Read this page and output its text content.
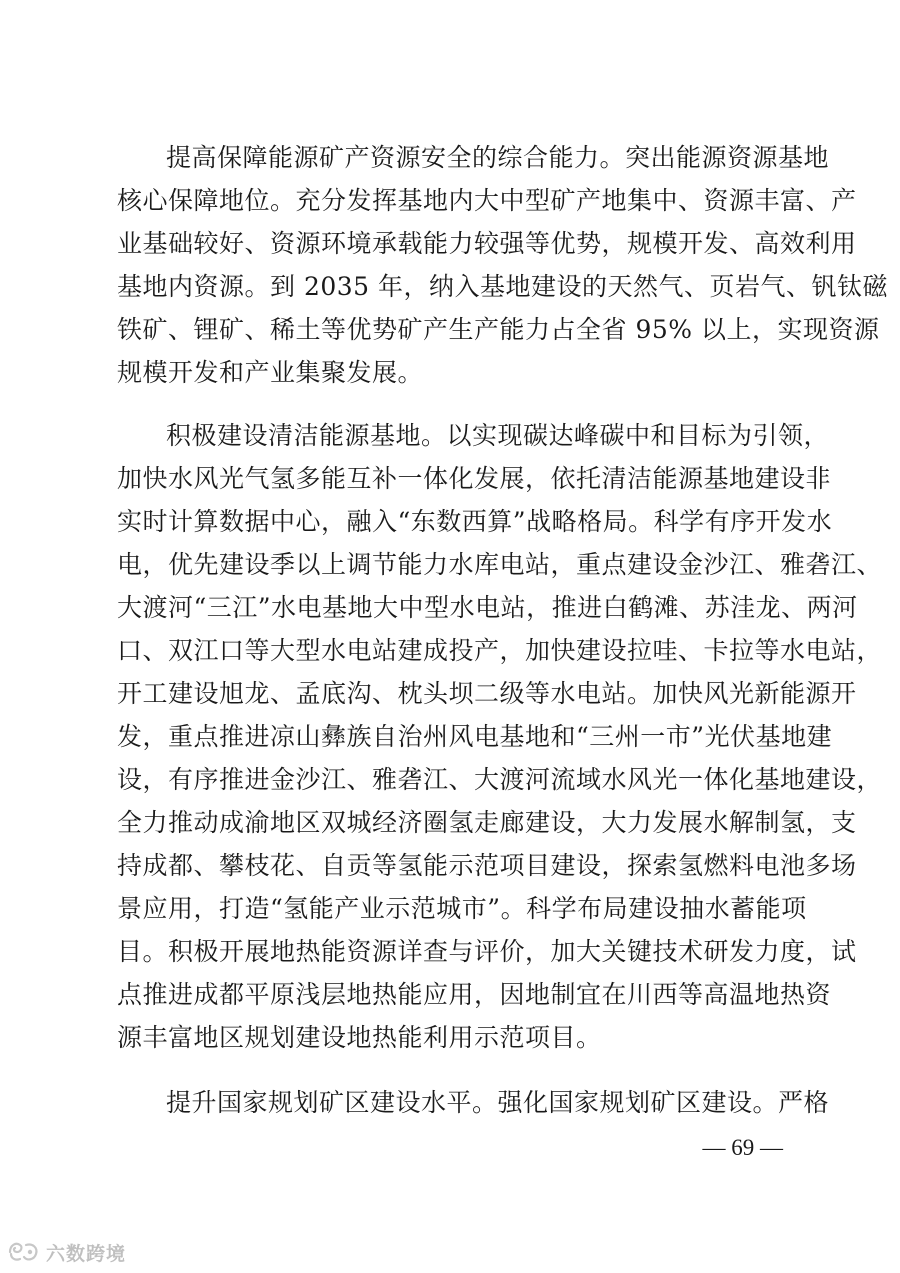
提高保障能源矿产资源安全的综合能力。突出能源资源基地
核心保障地位。充分发挥基地内大中型矿产地集中、资源丰富、产
业基础较好、资源环境承载能力较强等优势，规模开发、高效利用
基地内资源。到 2035 年，纳入基地建设的天然气、页岩气、钒钛磁
铁矿、锂矿、稀土等优势矿产生产能力占全省 95% 以上，实现资源
规模开发和产业集聚发展。
积极建设清洁能源基地。以实现碳达峰碳中和目标为引领，
加快水风光气氢多能互补一体化发展，依托清洁能源基地建设非
实时计算数据中心，融入“东数西算”战略格局。科学有序开发水
电，优先建设季以上调节能力水库电站，重点建设金沙江、雅砻江、
大渡河“三江”水电基地大中型水电站，推进白鹤滩、苏洼龙、两河
口、双江口等大型水电站建成投产，加快建设拉哇、卡拉等水电站，
开工建设旭龙、孟底沟、枕头坝二级等水电站。加快风光新能源开
发，重点推进凉山彝族自治州风电基地和“三州一市”光伏基地建
设，有序推进金沙江、雅砻江、大渡河流域水风光一体化基地建设，
全力推动成渝地区双城经济圈氢走廊建设，大力发展水解制氢，支
持成都、攀枝花、自贡等氢能示范项目建设，探索氢燃料电池多场
景应用，打造“氢能产业示范城市”。科学布局建设抽水蓄能项
目。积极开展地热能资源详查与评价，加大关键技术研发力度，试
点推进成都平原浅层地热能应用，因地制宜在川西等高温地热资
源丰富地区规划建设地热能利用示范项目。
提升国家规划矿区建设水平。强化国家规划矿区建设。严格
— 69 —
六数跨境
